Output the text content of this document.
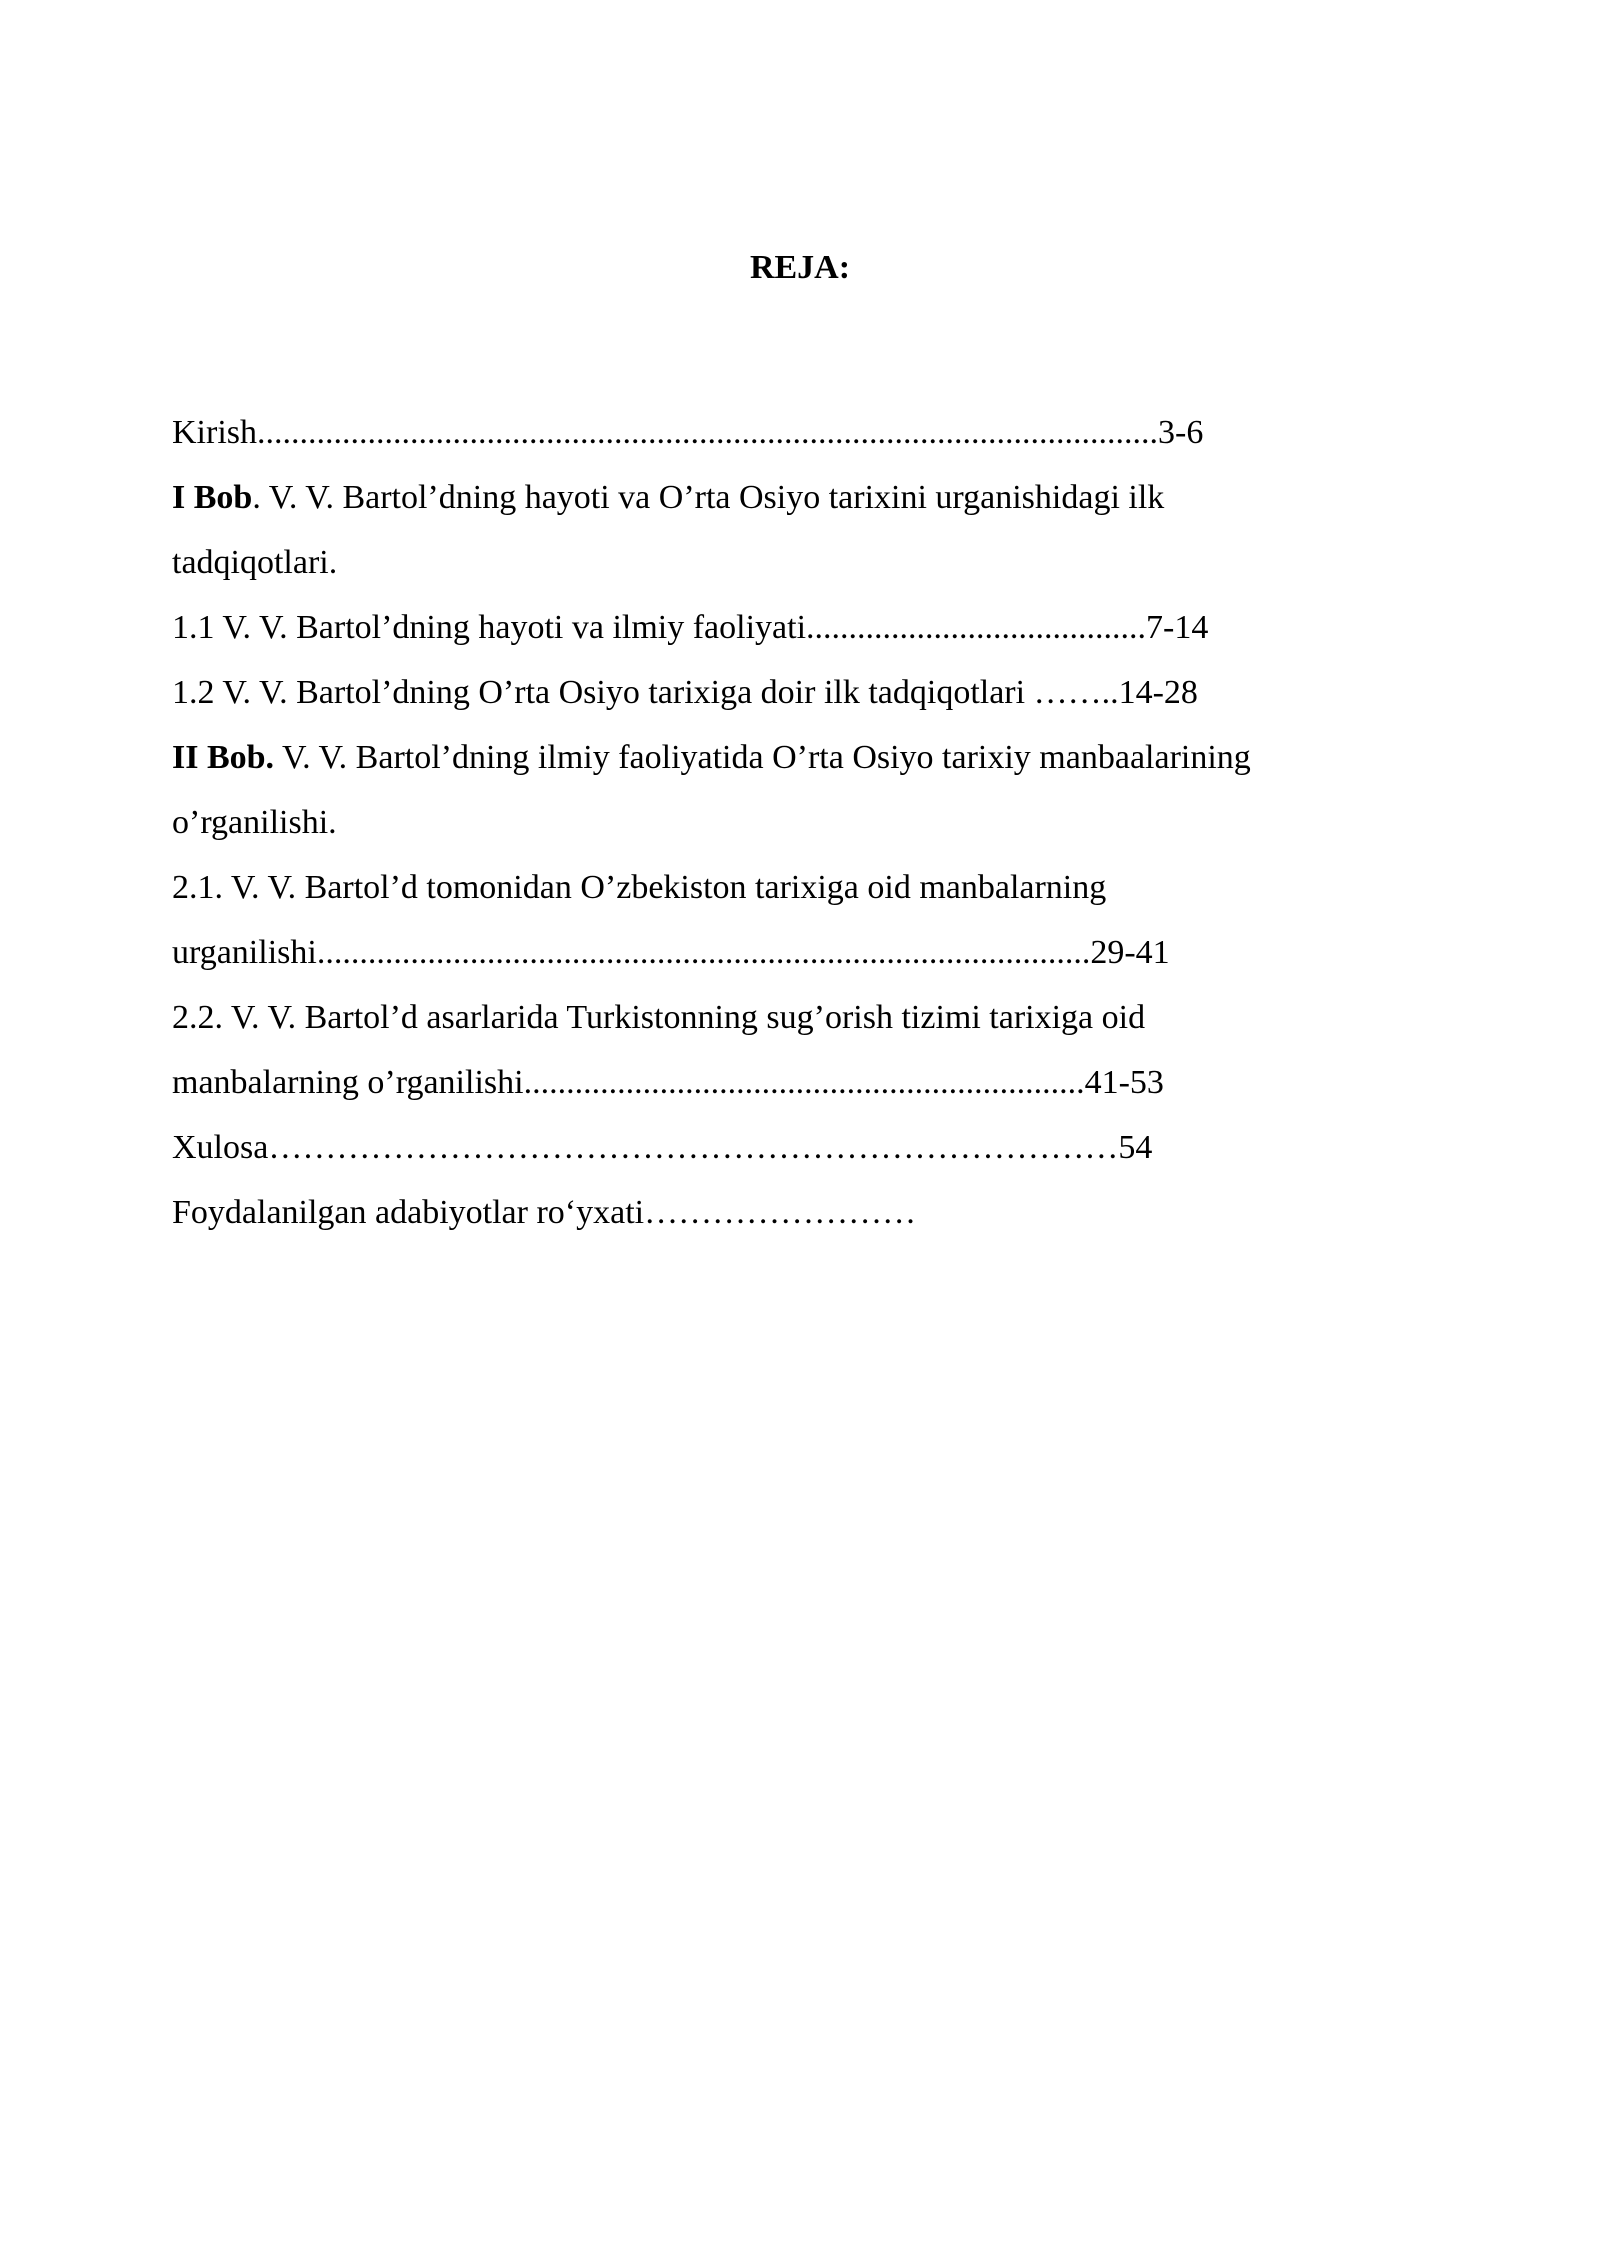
REJA:
Kirish..........................................................................................................3-6
I Bob. V. V. Bartol’dning hayoti va O’rta Osiyo tarixini urganishidagi ilk
tadqiqotlari.
1.1 V. V. Bartol’dning hayoti va ilmiy faoliyati........................................7-14
1.2 V. V. Bartol’dning O’rta Osiyo tarixiga doir ilk tadqiqotlari ……..14-28
II Bob. V. V. Bartol’dning ilmiy faoliyatida O’rta Osiyo tarixiy manbaalarining
o’rganilishi.
2.1. V. V. Bartol’d tomonidan O’zbekiston tarixiga oid manbalarning
urganilishi...........................................................................................29-41
2.2. V. V. Bartol’d asarlarida Turkistonning sug’orish tizimi tarixiga oid
manbalarning o’rganilishi..................................................................41-53
Xulosa…………………………………………………………………54
Foydalanilgan adabiyotlar ro‘yxati……………………
